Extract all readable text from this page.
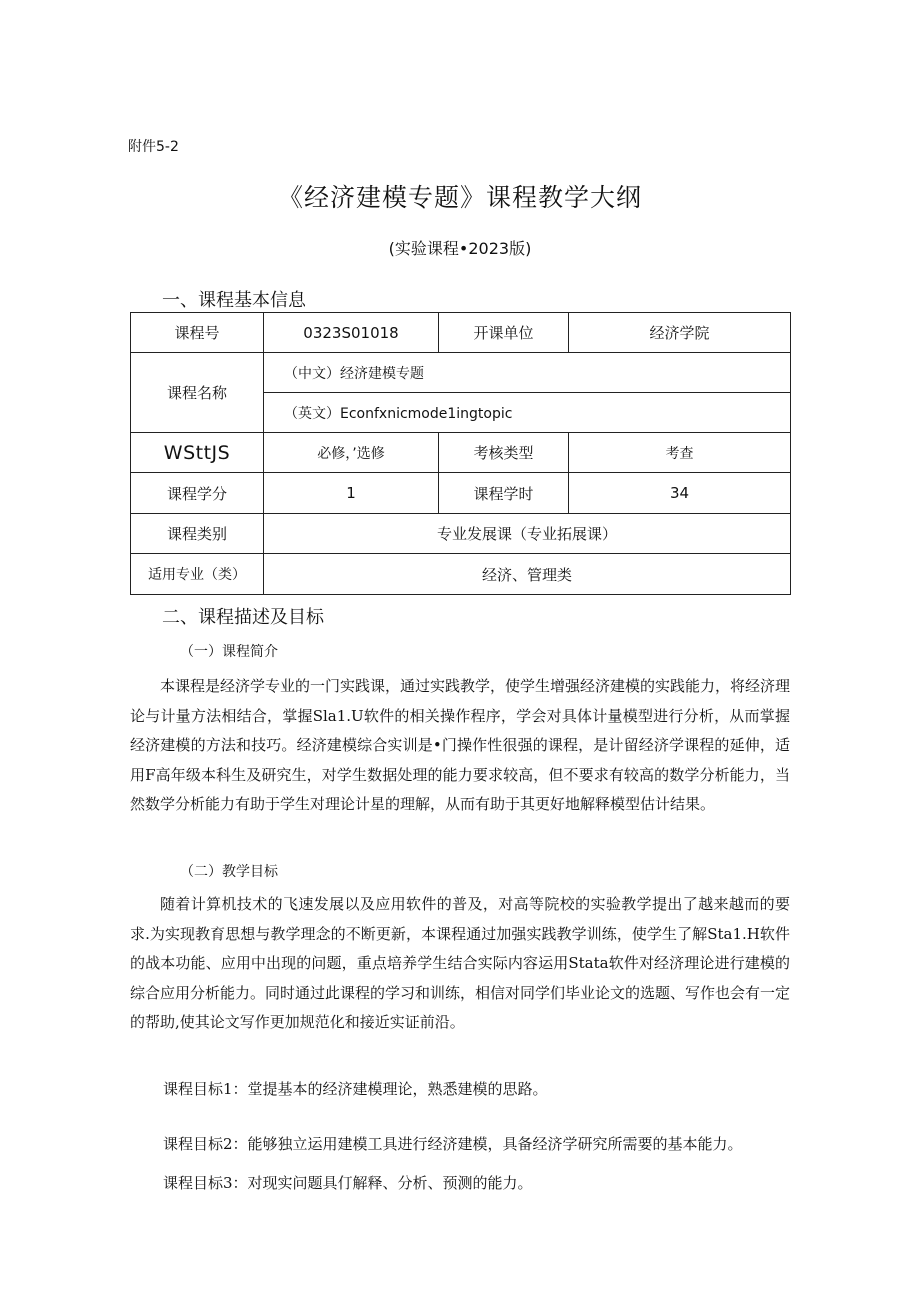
附件5-2
《经济建模专题》课程教学大纲
(实验课程•2023版)
一、课程基本信息
课程号	0323S01018	开课单位	经济学院
课程名称	（中文）经济建模专题		
	（英文）Econfxnicmode1ingtopic		
WSttJS	必修，’选修	考核类型	考查
课程学分	1	课程学时	34
课程类别	专业发展课（专业拓展课）		
适用专业（类）	经济、管理类		
二、课程描述及目标
（一）课程简介

本课程是经济学专业的一门实践课，通过实践教学，使学生增强经济建模的实践能力，将经济理论与计量方法相结合，掌握Sla1.U软件的相关操作程序，学会对具体计量模型进行分析，从而掌握经济建模的方法和技巧。经济建模综合实训是•门操作性很强的课程，是计留经济学课程的延伸，适用F高年级本科生及研究生，对学生数据处理的能力要求较高，但不要求有较高的数学分析能力，当然数学分析能力有助于学生对理论计星的理解，从而有助于其更好地解释模型估计结果。

（二）教学目标

随着计算机技术的飞速发展以及应用软件的普及，对高等院校的实验教学提出了越来越而的要求.为实现教育思想与教学理念的不断更新，本课程通过加强实践教学训练，使学生了解Sta1.H软件的战本功能、应用中出现的问题，重点培养学生结合实际内容运用Stata软件对经济理论进行建模的综合应用分析能力。同时通过此课程的学习和训练，相信对同学们毕业论文的选题、写作也会有一定的帮助,使其论文写作更加规范化和接近实证前沿。

课程目标1：堂提基本的经济建模理论，熟悉建模的思路。
课程目标2：能够独立运用建模工具进行经济建模，具备经济学研究所需要的基本能力。
课程目标3：对现实问题具仃解释、分析、预测的能力。
